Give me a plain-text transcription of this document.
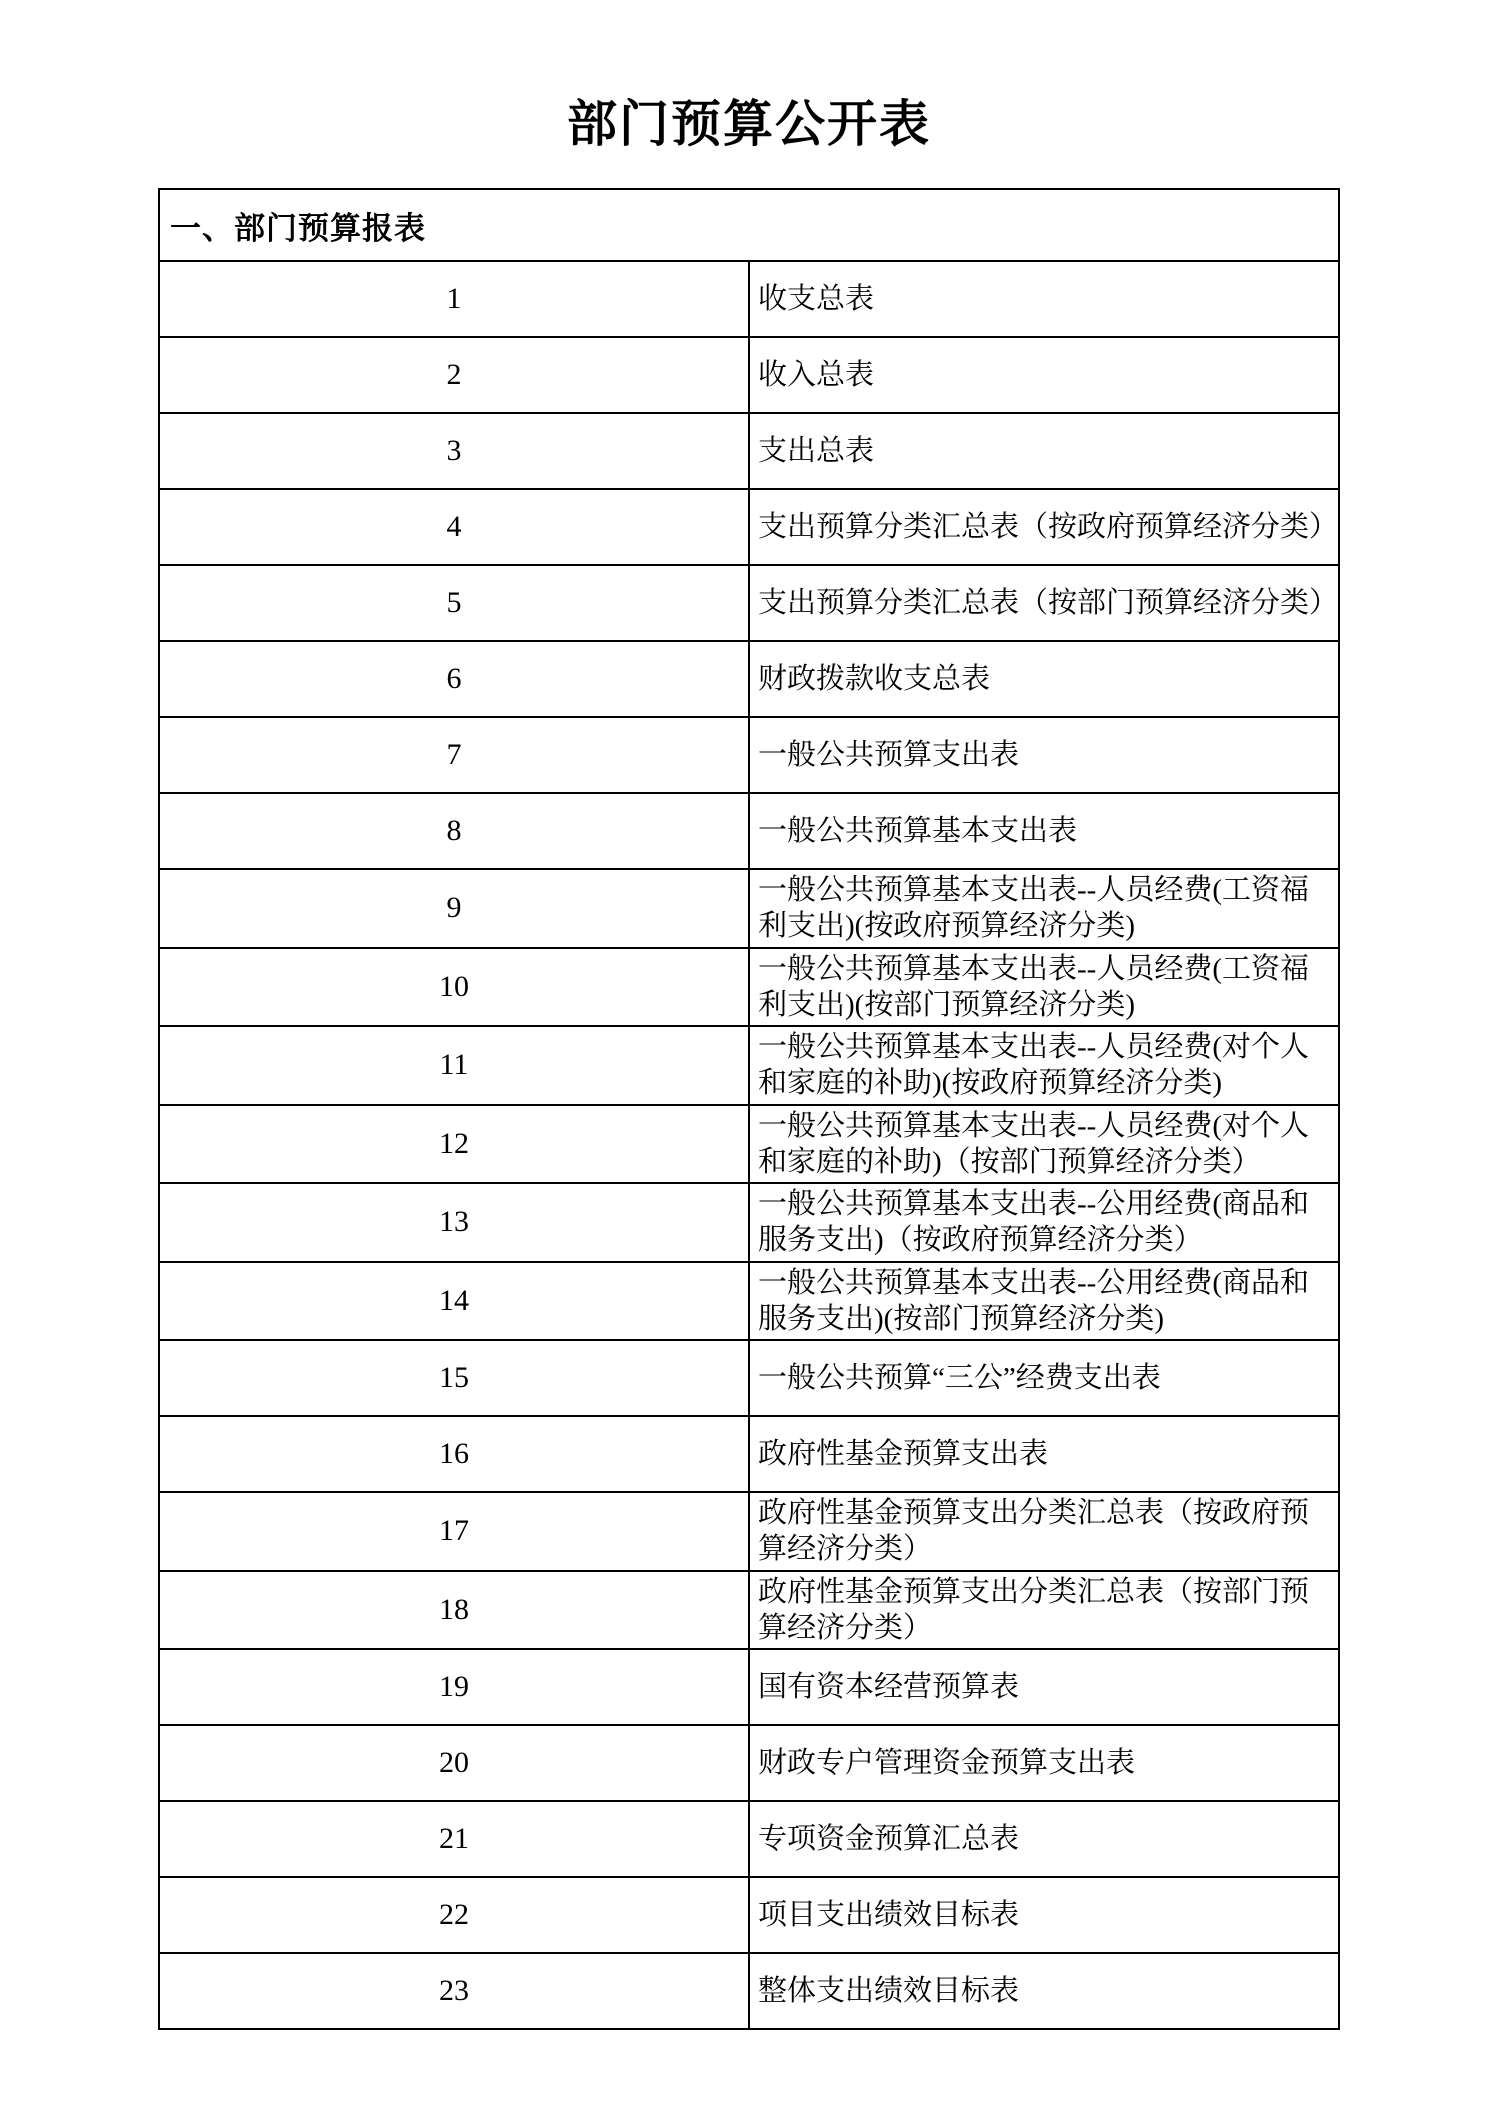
部门预算公开表
一、部门预算报表	
1	收支总表
2	收入总表
3	支出总表
4	支出预算分类汇总表（按政府预算经济分类）
5	支出预算分类汇总表（按部门预算经济分类）
6	财政拨款收支总表
7	一般公共预算支出表
8	一般公共预算基本支出表
9	一般公共预算基本支出表--人员经费(工资福利支出)(按政府预算经济分类)
10	一般公共预算基本支出表--人员经费(工资福利支出)(按部门预算经济分类)
11	一般公共预算基本支出表--人员经费(对个人和家庭的补助)(按政府预算经济分类)
12	一般公共预算基本支出表--人员经费(对个人和家庭的补助)（按部门预算经济分类）
13	一般公共预算基本支出表--公用经费(商品和服务支出)（按政府预算经济分类）
14	一般公共预算基本支出表--公用经费(商品和服务支出)(按部门预算经济分类)
15	一般公共预算“三公”经费支出表
16	政府性基金预算支出表
17	政府性基金预算支出分类汇总表（按政府预算经济分类）
18	政府性基金预算支出分类汇总表（按部门预算经济分类）
19	国有资本经营预算表
20	财政专户管理资金预算支出表
21	专项资金预算汇总表
22	项目支出绩效目标表
23	整体支出绩效目标表
